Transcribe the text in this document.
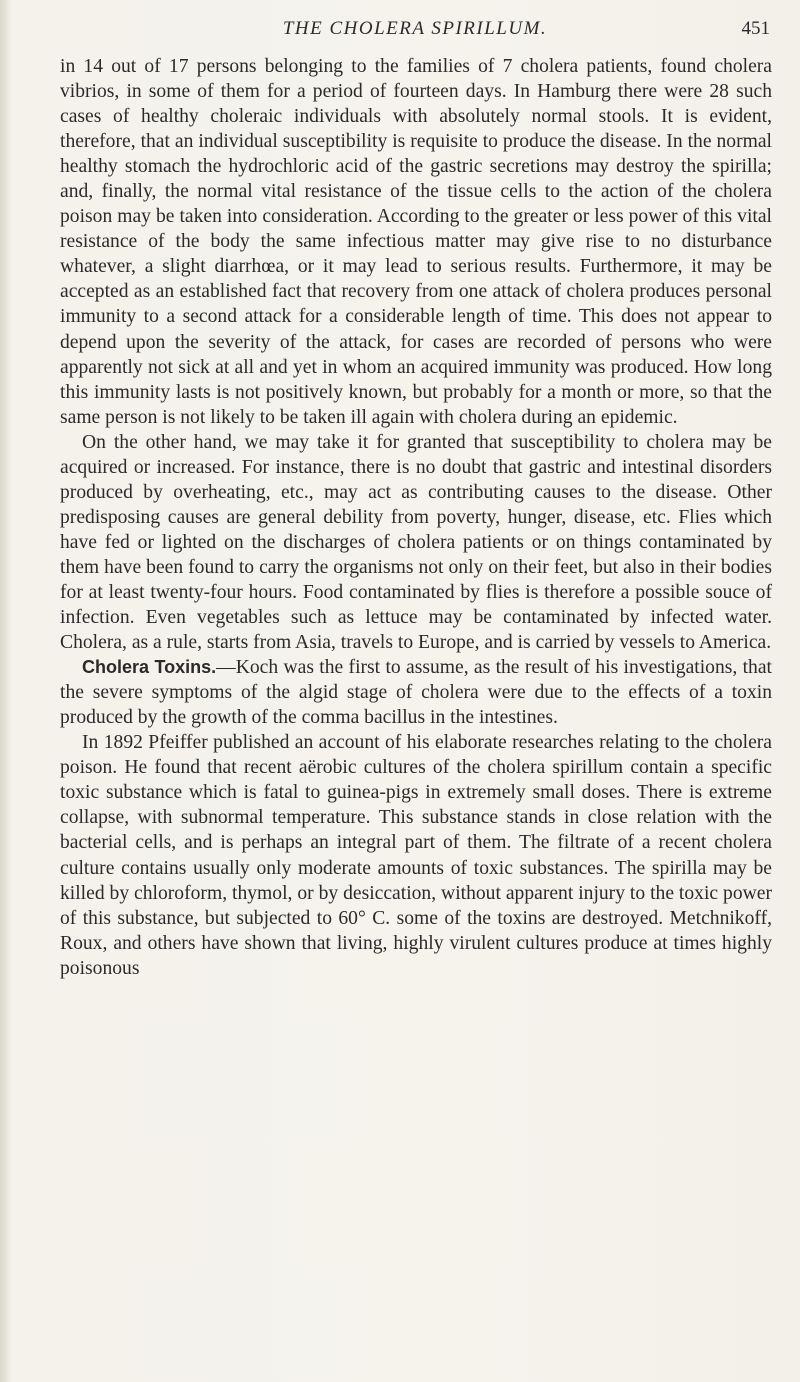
THE CHOLERA SPIRILLUM.	451

in 14 out of 17 persons belonging to the families of 7 cholera patients, found cholera vibrios, in some of them for a period of fourteen days. In Hamburg there were 28 such cases of healthy choleraic individuals with absolutely normal stools. It is evident, therefore, that an individual susceptibility is requisite to produce the disease. In the normal healthy stomach the hydrochloric acid of the gastric secretions may destroy the spirilla; and, finally, the normal vital resistance of the tissue cells to the action of the cholera poison may be taken into consideration. According to the greater or less power of this vital resistance of the body the same infectious matter may give rise to no disturbance whatever, a slight diarrhœa, or it may lead to serious results. Furthermore, it may be accepted as an established fact that recovery from one attack of cholera produces personal immunity to a second attack for a considerable length of time. This does not appear to depend upon the severity of the attack, for cases are recorded of persons who were apparently not sick at all and yet in whom an acquired immunity was produced. How long this immunity lasts is not positively known, but probably for a month or more, so that the same person is not likely to be taken ill again with cholera during an epidemic.

On the other hand, we may take it for granted that susceptibility to cholera may be acquired or increased. For instance, there is no doubt that gastric and intestinal disorders produced by overheating, etc., may act as contributing causes to the disease. Other predisposing causes are general debility from poverty, hunger, disease, etc. Flies which have fed or lighted on the discharges of cholera patients or on things contaminated by them have been found to carry the organisms not only on their feet, but also in their bodies for at least twenty-four hours. Food contaminated by flies is therefore a possible souce of infection. Even vegetables such as lettuce may be contaminated by infected water. Cholera, as a rule, starts from Asia, travels to Europe, and is carried by vessels to America.

Cholera Toxins.—Koch was the first to assume, as the result of his investigations, that the severe symptoms of the algid stage of cholera were due to the effects of a toxin produced by the growth of the comma bacillus in the intestines.

In 1892 Pfeiffer published an account of his elaborate researches relating to the cholera poison. He found that recent aërobic cultures of the cholera spirillum contain a specific toxic substance which is fatal to guinea-pigs in extremely small doses. There is extreme collapse, with subnormal temperature. This substance stands in close relation with the bacterial cells, and is perhaps an integral part of them. The filtrate of a recent cholera culture contains usually only moderate amounts of toxic substances. The spirilla may be killed by chloroform, thymol, or by desiccation, without apparent injury to the toxic power of this substance, but subjected to 60° C. some of the toxins are destroyed. Metchnikoff, Roux, and others have shown that living, highly virulent cultures produce at times highly poisonous
